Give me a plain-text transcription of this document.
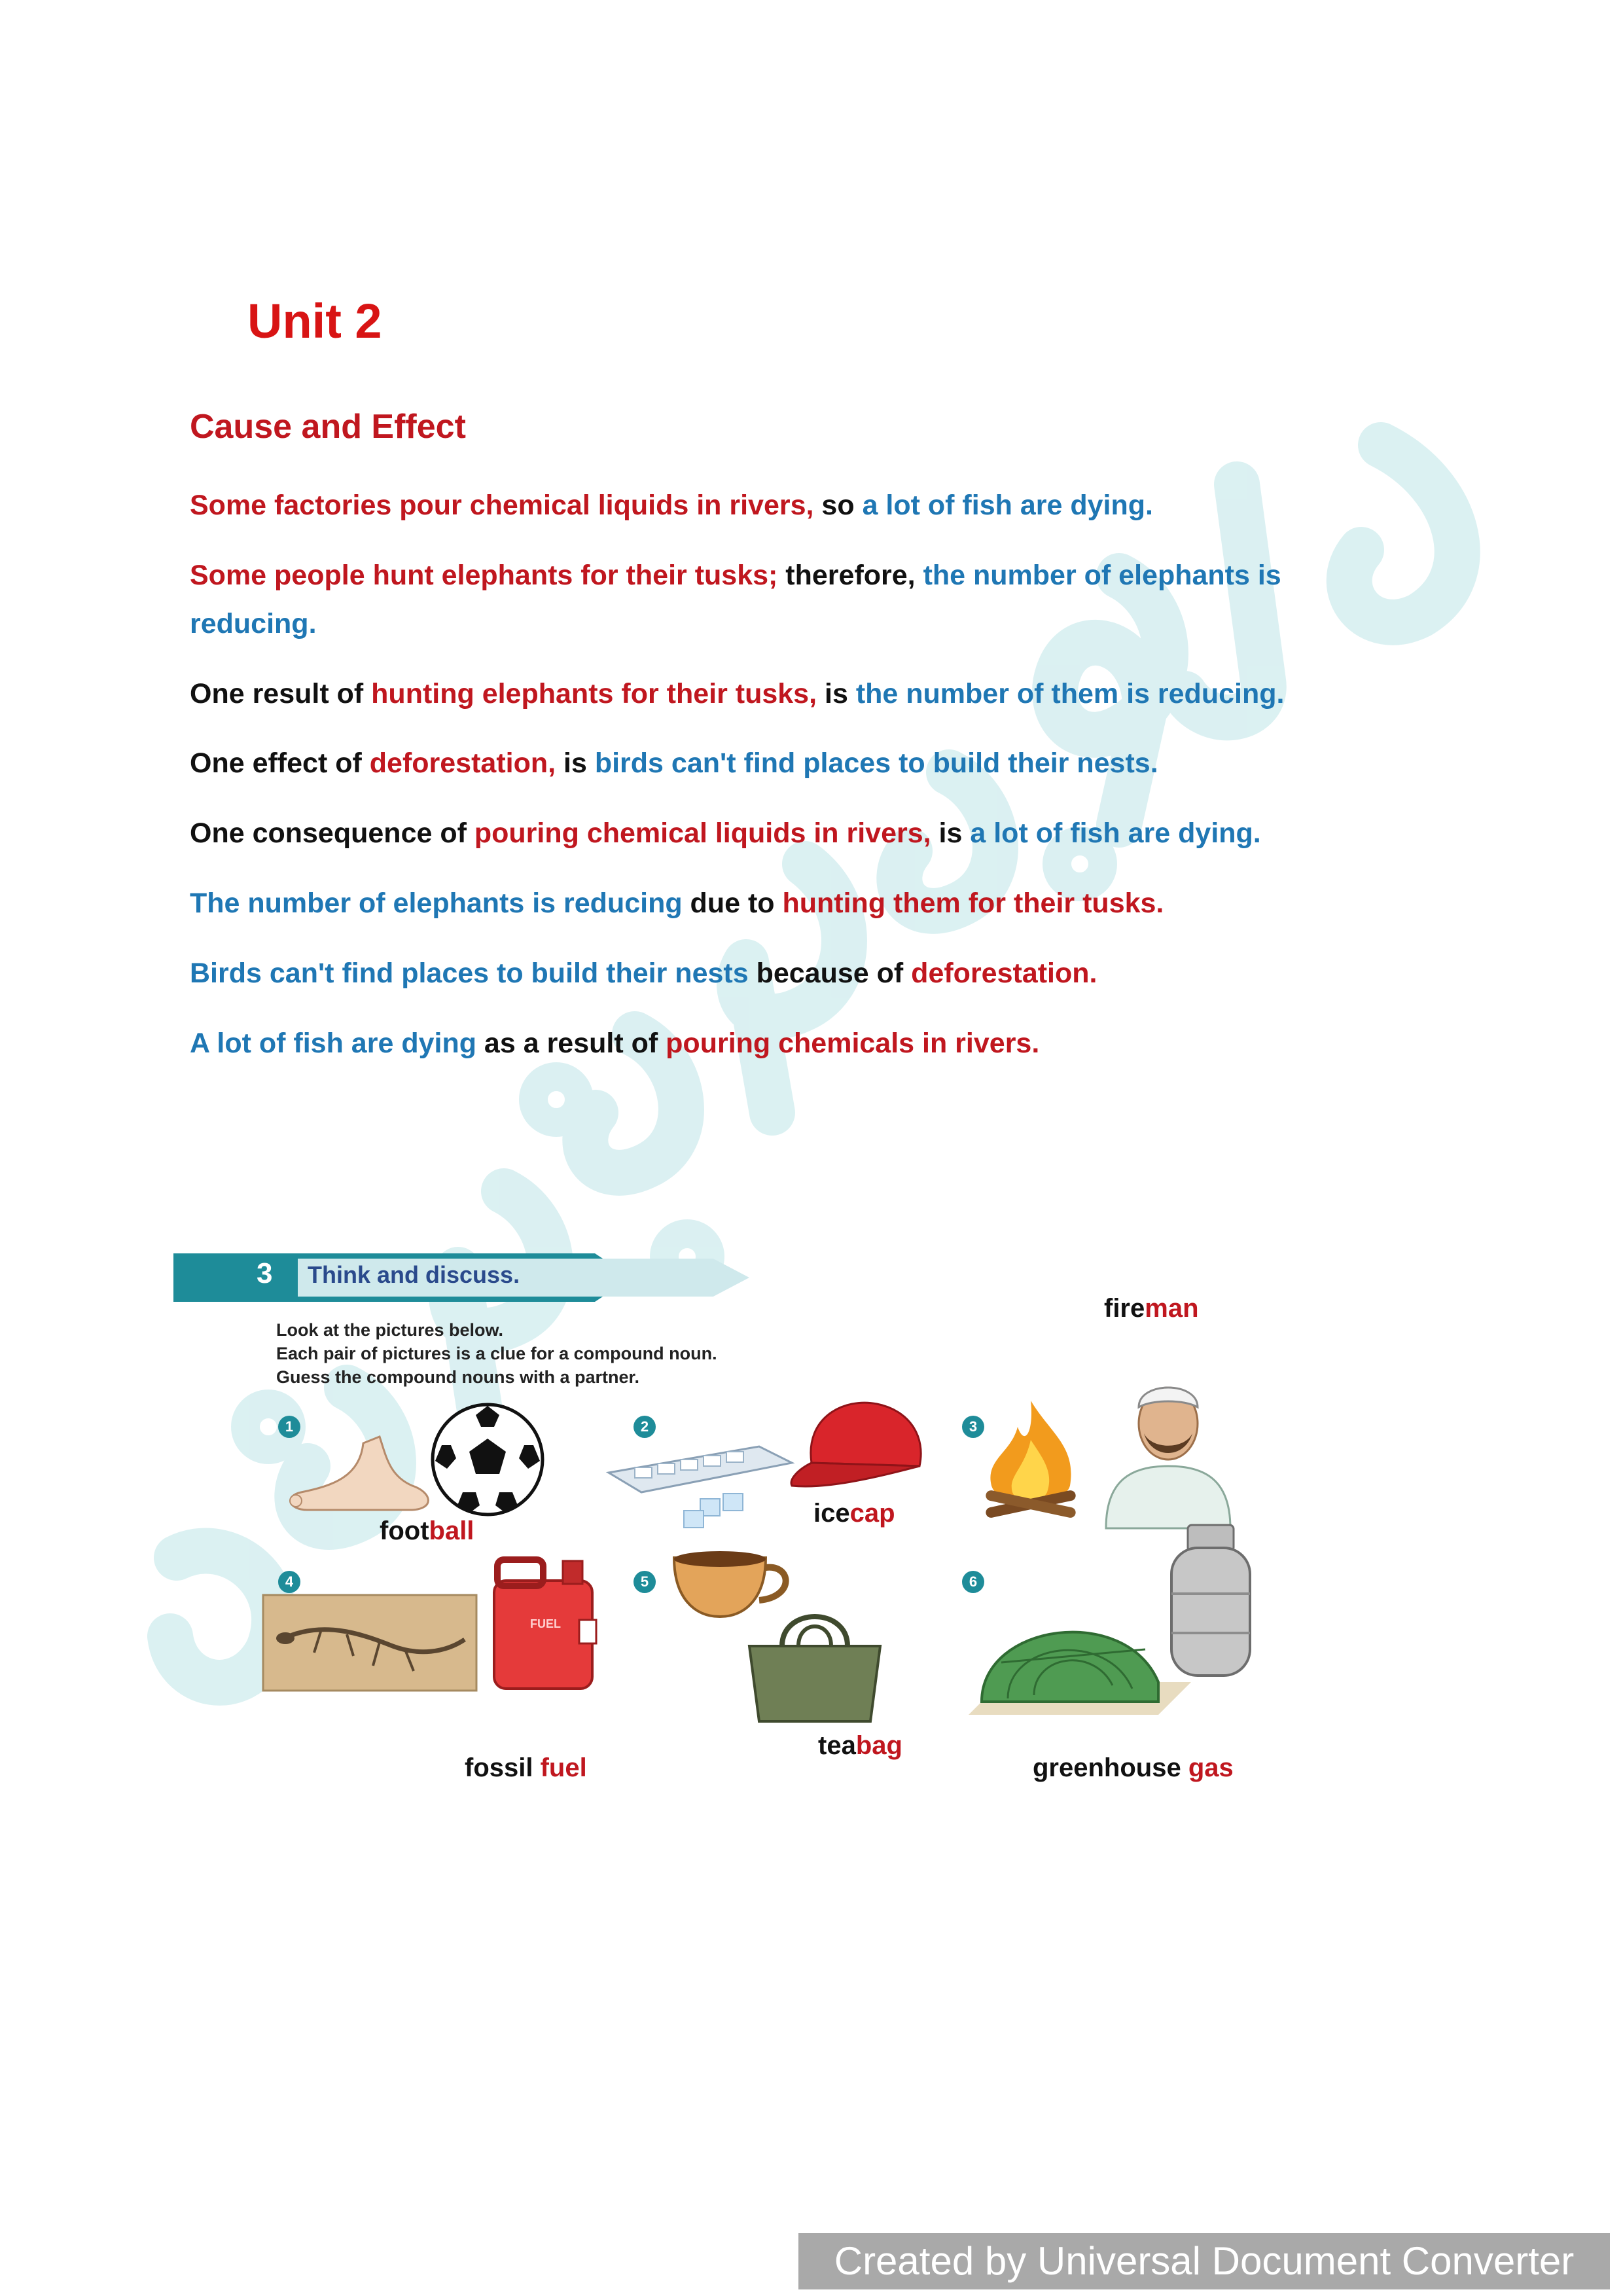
Unit 2
Cause and Effect

Some factories pour chemical liquids in rivers, so a lot of fish are dying.

Some people hunt elephants for their tusks; therefore, the number of elephants is reducing.

One result of hunting elephants for their tusks, is the number of them is reducing.

One effect of deforestation, is birds can't find places to build their nests.

One consequence of pouring chemical liquids in rivers, is a lot of fish are dying.

The number of elephants is reducing due to hunting them for their tusks.

Birds can't find places to build their nests because of deforestation.

A lot of fish are dying as a result of pouring chemicals in rivers.

3 Think and discuss.
Look at the pictures below.
Each pair of pictures is a clue for a compound noun.
Guess the compound nouns with a partner.
1	2	3
4	5	6
FUEL
football
icecap
fireman
fossil fuel
teabag
greenhouse gas
Created by Universal Document Converter
